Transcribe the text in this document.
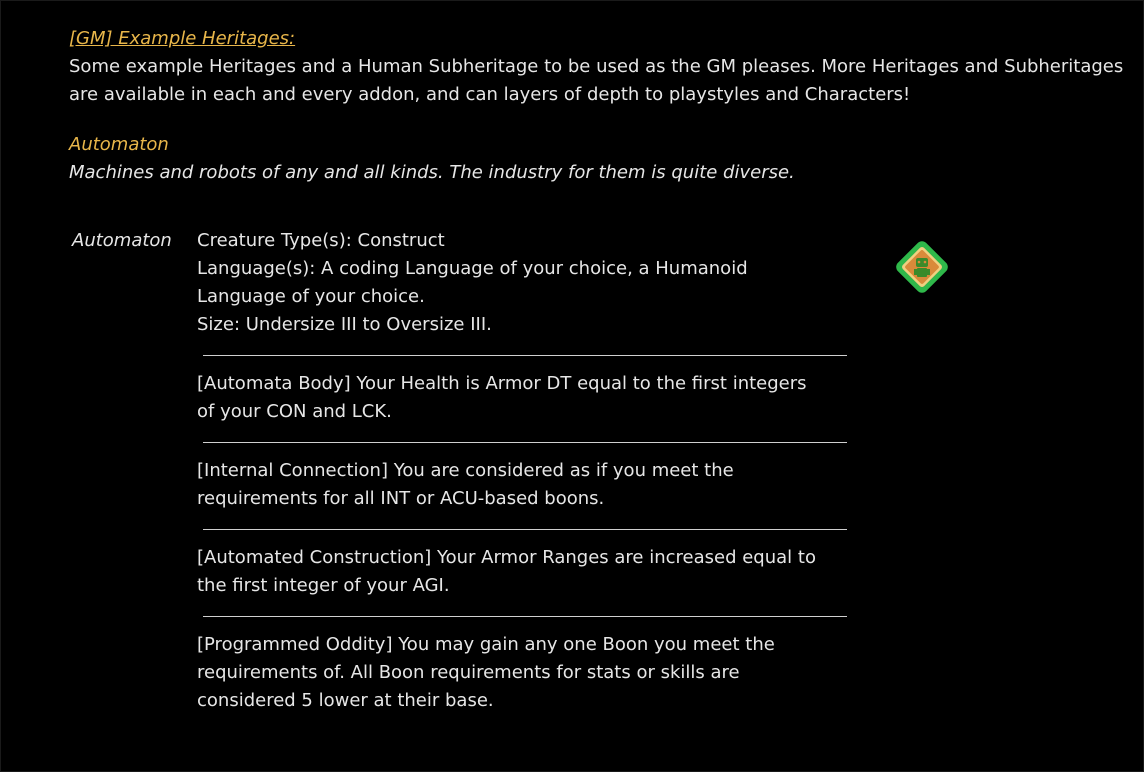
[GM] Example Heritages:
Some example Heritages and a Human Subheritage to be used as the GM pleases. More Heritages and Subheritages are available in each and every addon, and can layers of depth to playstyles and Characters!
Automaton
Machines and robots of any and all kinds. The industry for them is quite diverse.
Automaton Creature Type(s): Construct
Language(s): A coding Language of your choice, a Humanoid
Language of your choice.
Size: Undersize III to Oversize III.
[Automata Body] Your Health is Armor DT equal to the first integers
of your CON and LCK.
[Internal Connection] You are considered as if you meet the
requirements for all INT or ACU-based boons.
[Automated Construction] Your Armor Ranges are increased equal to
the first integer of your AGI.
[Programmed Oddity] You may gain any one Boon you meet the
requirements of. All Boon requirements for stats or skills are
considered 5 lower at their base.
